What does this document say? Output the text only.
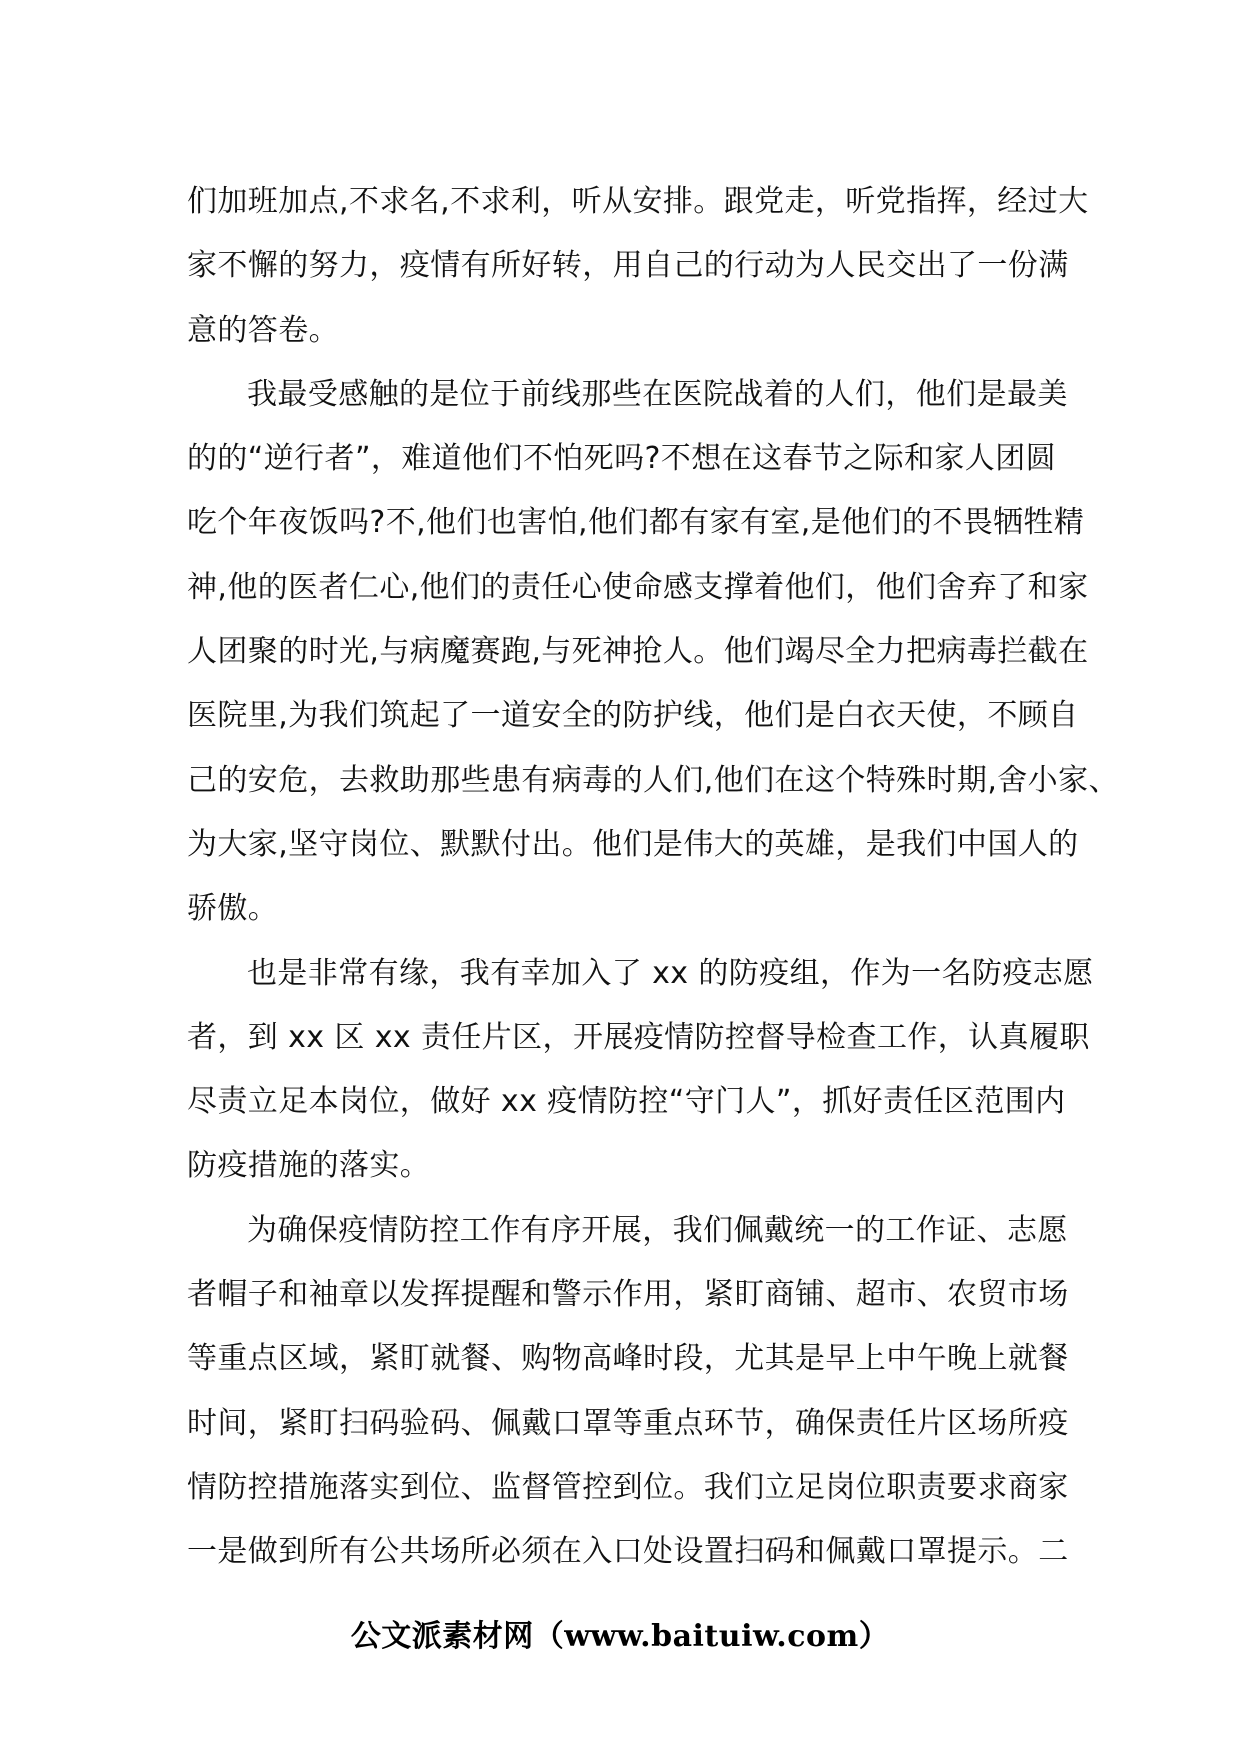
们加班加点,不求名,不求利，听从安排。跟党走，听党指挥，经过大
家不懈的努力，疫情有所好转，用自己的行动为人民交出了一份满
意的答卷。
我最受感触的是位于前线那些在医院战着的人们，他们是最美
的的“逆行者”，难道他们不怕死吗?不想在这春节之际和家人团圆
吃个年夜饭吗?不,他们也害怕,他们都有家有室,是他们的不畏牺牲精
神,他的医者仁心,他们的责任心使命感支撑着他们，他们舍弃了和家
人团聚的时光,与病魔赛跑,与死神抢人。他们竭尽全力把病毒拦截在
医院里,为我们筑起了一道安全的防护线，他们是白衣天使，不顾自
己的安危，去救助那些患有病毒的人们,他们在这个特殊时期,舍小家、
为大家,坚守岗位、默默付出。他们是伟大的英雄，是我们中国人的
骄傲。
也是非常有缘，我有幸加入了 xx 的防疫组，作为一名防疫志愿
者，到 xx 区 xx 责任片区，开展疫情防控督导检查工作，认真履职
尽责立足本岗位，做好 xx 疫情防控“守门人”，抓好责任区范围内
防疫措施的落实。
为确保疫情防控工作有序开展，我们佩戴统一的工作证、志愿
者帽子和袖章以发挥提醒和警示作用，紧盯商铺、超市、农贸市场
等重点区域，紧盯就餐、购物高峰时段，尤其是早上中午晚上就餐
时间，紧盯扫码验码、佩戴口罩等重点环节，确保责任片区场所疫
情防控措施落实到位、监督管控到位。我们立足岗位职责要求商家
一是做到所有公共场所必须在入口处设置扫码和佩戴口罩提示。二
公文派素材网（www.baituiw.com）
